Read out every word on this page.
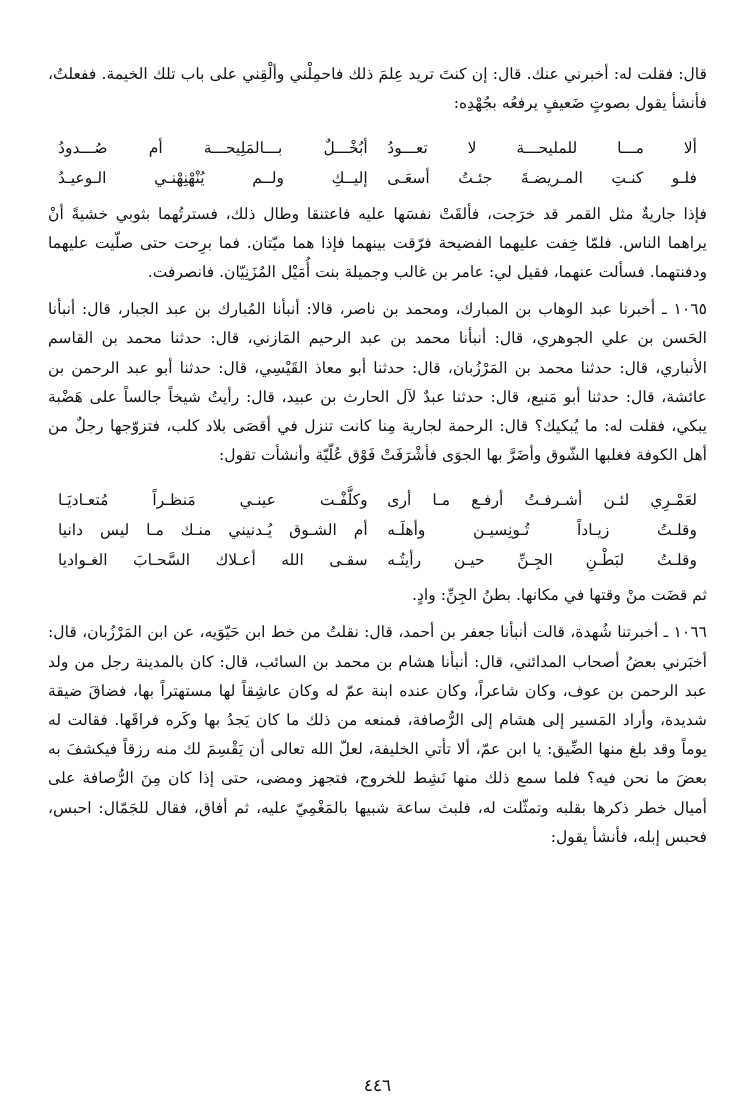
قال: فقلت له: أخبرني عنك. قال: إن كنتَ تريد عِلمَ ذلك فاحمِلْني وألْقِني على باب تلك الخيمة. ففعلتُ، فأنشأ يقول بصوتٍ ضَعيفٍ يرفعُه بجُهْدِه:

ألا مـــا للمليحـــة لا تعـــودُ
أبُخْـــلٌ بـــالمَلِيحـــة أم صُـــدودُ
فلـو كنـتِ المـريضـةَ جئـتُ أسعَـى
إليــكِ ولــم يُنْهْنِهْنـي الـوعيـدُ

فإذا جاريةٌ مثل القمر قد خرَجت، فألقَتْ نفسَها عليه فاعتنقا وطال ذلك، فسترتُهما بثوبي خشيةً أنْ يراهما الناس. فلمّا خِفت عليهما الفضيحة فرّقت بينهما فإذا هما ميّتان. فما برِحت حتى صلّيت عليهما ودفنتهما. فسألت عنهما، فقيل لي: عامر بن غالب وجميلة بنت أُمَيْل المُزَنِيّان. فانصرفت.

١٠٦٥ ـ أخبرنا عبد الوهاب بن المبارك، ومحمد بن ناصر، قالا: أنبأنا المُبارك بن عبد الجبار، قال: أنبأنا الحَسن بن علي الجوهري، قال: أنبأنا محمد بن عبد الرحيم المَازني، قال: حدثنا محمد بن القاسم الأنباري، قال: حدثنا محمد بن المَرْزُبان، قال: حدثنا أبو معاذ القَيْسِي، قال: حدثنا أبو عبد الرحمن بن عائشة، قال: حدثنا أبو مَنيع، قال: حدثنا عبدٌ لآل الحارث بن عبيد، قال: رأيتُ شيخاً جالساً على هَضْبة يبكي، فقلت له: ما يُبكيك؟ قال: الرحمة لجارية مِنا كانت تنزل في أقصَى بلاد كلب، فتزوّجها رجلٌ من أهل الكوفة فغلبها الشّوق وأضَرَّ بها الجوَى فأشْرَفَتْ فَوْق عُلّيّة وأنشأت تقول:

لعَمْـرِي لئـن أشـرفـتُ أرفـع مـا أرى
وكلَّفْـت عينـي مَنظـراً مُتعـاديَـا
وقلـتُ زيـاداً تُـونِسيـن وأهلَـه
أم الشـوق يُـدنيني منـك مـا ليس دانيا
وقلـتُ لبَطْـنِ الجِـنِّ حيـن رأيتُـه
سقـى الله أعـلاك السَّحـابَ الغـواديا

ثم قضَت منْ وقتها في مكانها. بطنُ الجِنِّ: وادٍ.

١٠٦٦ ـ أخبرتنا شُهدة، قالت أنبأنا جعفر بن أحمد، قال: نقلتُ من خط ابن حَيّوَيه، عن ابن المَرْزُبان، قال: أخبَرني بعضُ أصحاب المدائني، قال: أنبأنا هشام بن محمد بن السائب، قال: كان بالمدينة رجل من ولد عبد الرحمن بن عوف، وكان شاعراً، وكان عنده ابنة عمّ له وكان عاشِقاً لها مستهتراً بها، فضاقَ ضيقة شديدة، وأراد المَسير إلى هشام إلى الرُّصافة، فمنعه من ذلك ما كان يَجدُ بها وكَره فراقَها. فقالت له يوماً وقد بلغ منها الضِّيق: يا ابن عمّ، ألا تأتي الخليفة، لعلّ الله تعالى أن يَقْسِمَ لك منه رزقاً فيكشفَ به بعضَ ما نحن فيه؟ فلما سمع ذلك منها نَشِط للخروج، فتجهز ومضى، حتى إذا كان مِنَ الرُّصافة على أميال خطر ذكرها بقلبه وتمثّلت له، فلبث ساعة شبيها بالمَغْمِيّ عليه، ثم أفاق، فقال للجَمّال: احبس، فحبس إبله، فأنشأ يقول:

٤٤٦
